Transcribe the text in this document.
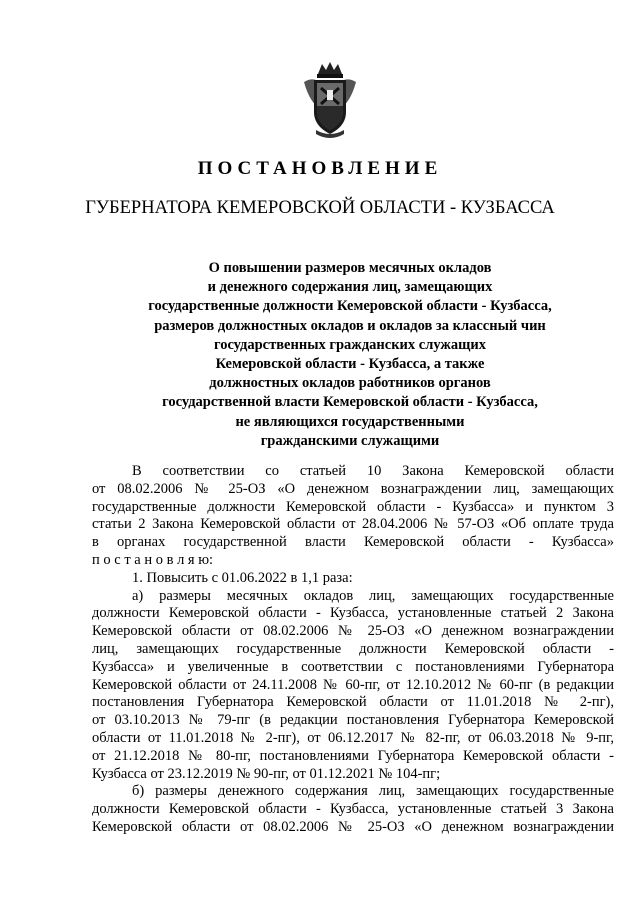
ПОСТАНОВЛЕНИЕ
ГУБЕРНАТОРА КЕМЕРОВСКОЙ ОБЛАСТИ - КУЗБАССА
О повышении размеров месячных окладов
и денежного содержания лиц, замещающих
государственные должности Кемеровской области - Кузбасса,
размеров должностных окладов и окладов за классный чин
государственных гражданских служащих
Кемеровской области - Кузбасса, а также
должностных окладов работников органов
государственной власти Кемеровской области - Кузбасса,
не являющихся государственными
гражданскими служащими
В соответствии со статьей 10 Закона Кемеровской области
от 08.02.2006 № 25-ОЗ «О денежном вознаграждении лиц, замещающих
государственные должности Кемеровской области - Кузбасса» и пунктом 3
статьи 2 Закона Кемеровской области от 28.04.2006 № 57-ОЗ «Об оплате труда
в органах государственной власти Кемеровской области - Кузбасса»
п о с т а н о в л я ю:
1. Повысить с 01.06.2022 в 1,1 раза:
а) размеры месячных окладов лиц, замещающих государственные
должности Кемеровской области - Кузбасса, установленные статьей 2 Закона
Кемеровской области от 08.02.2006 № 25-ОЗ «О денежном вознаграждении
лиц, замещающих государственные должности Кемеровской области -
Кузбасса» и увеличенные в соответствии с постановлениями Губернатора
Кемеровской области от 24.11.2008 № 60-пг, от 12.10.2012 № 60-пг (в редакции
постановления Губернатора Кемеровской области от 11.01.2018 № 2-пг),
от 03.10.2013 № 79-пг (в редакции постановления Губернатора Кемеровской
области от 11.01.2018 № 2-пг), от 06.12.2017 № 82-пг, от 06.03.2018 № 9-пг,
от 21.12.2018 № 80-пг, постановлениями Губернатора Кемеровской области -
Кузбасса от 23.12.2019 № 90-пг, от 01.12.2021 № 104-пг;
б) размеры денежного содержания лиц, замещающих государственные
должности Кемеровской области - Кузбасса, установленные статьей 3 Закона
Кемеровской области от 08.02.2006 № 25-ОЗ «О денежном вознаграждении
